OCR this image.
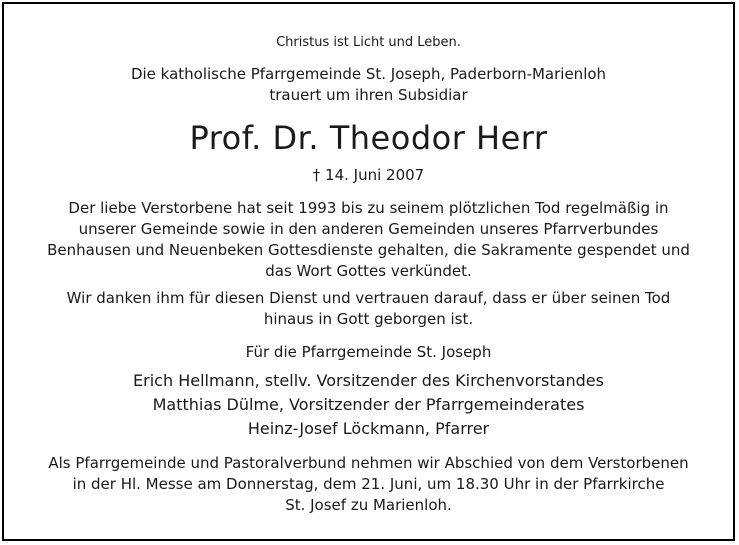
Christus ist Licht und Leben.
Die katholische Pfarrgemeinde St. Joseph, Paderborn-Marienloh
trauert um ihren Subsidiar
Prof. Dr. Theodor Herr
† 14. Juni 2007
Der liebe Verstorbene hat seit 1993 bis zu seinem plötzlichen Tod regelmäßig in
unserer Gemeinde sowie in den anderen Gemeinden unseres Pfarrverbundes
Benhausen und Neuenbeken Gottesdienste gehalten, die Sakramente gespendet und
das Wort Gottes verkündet.
Wir danken ihm für diesen Dienst und vertrauen darauf, dass er über seinen Tod
hinaus in Gott geborgen ist.
Für die Pfarrgemeinde St. Joseph
Erich Hellmann, stellv. Vorsitzender des Kirchenvorstandes
Matthias Dülme, Vorsitzender der Pfarrgemeinderates
Heinz-Josef Löckmann, Pfarrer
Als Pfarrgemeinde und Pastoralverbund nehmen wir Abschied von dem Verstorbenen
in der Hl. Messe am Donnerstag, dem 21. Juni, um 18.30 Uhr in der Pfarrkirche
St. Josef zu Marienloh.
